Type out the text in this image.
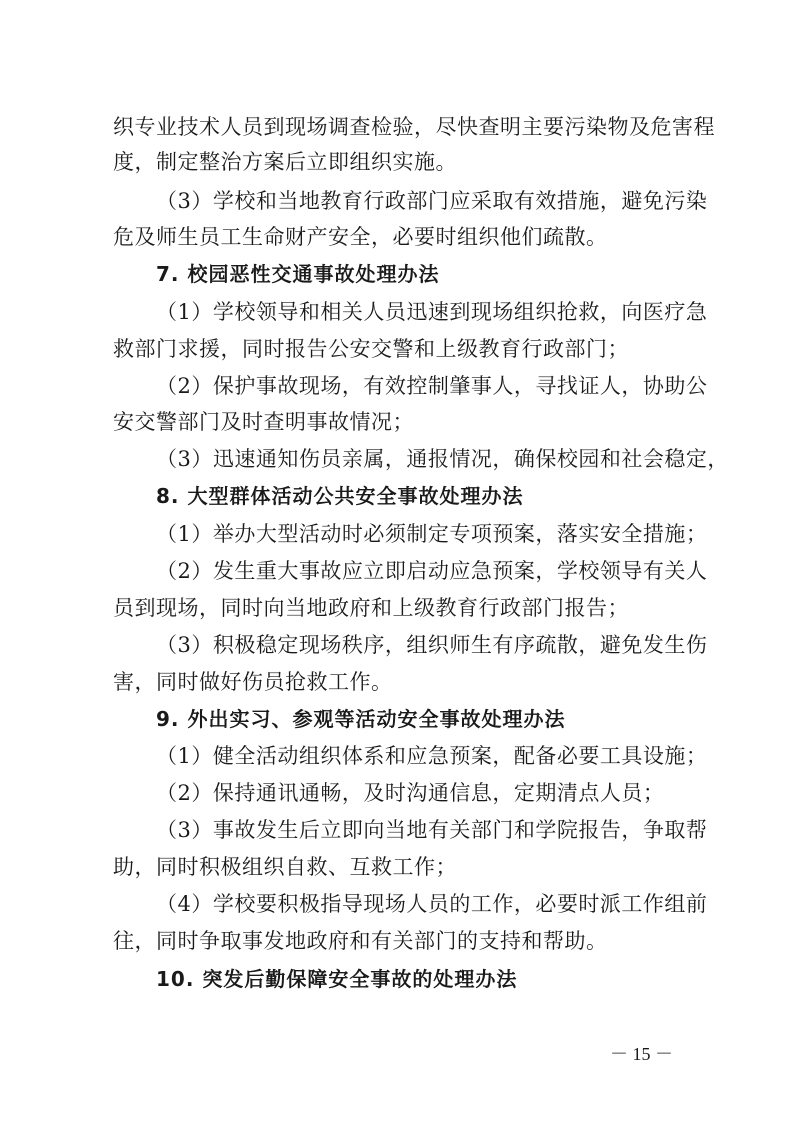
织专业技术人员到现场调查检验，尽快查明主要污染物及危害程
度，制定整治方案后立即组织实施。
（3）学校和当地教育行政部门应采取有效措施，避免污染
危及师生员工生命财产安全，必要时组织他们疏散。
7. 校园恶性交通事故处理办法
（1）学校领导和相关人员迅速到现场组织抢救，向医疗急
救部门求援，同时报告公安交警和上级教育行政部门；
（2）保护事故现场，有效控制肇事人，寻找证人，协助公
安交警部门及时查明事故情况；
（3）迅速通知伤员亲属，通报情况，确保校园和社会稳定，
8. 大型群体活动公共安全事故处理办法
（1）举办大型活动时必须制定专项预案，落实安全措施；
（2）发生重大事故应立即启动应急预案，学校领导有关人
员到现场，同时向当地政府和上级教育行政部门报告；
（3）积极稳定现场秩序，组织师生有序疏散，避免发生伤
害，同时做好伤员抢救工作。
9. 外出实习、参观等活动安全事故处理办法
（1）健全活动组织体系和应急预案，配备必要工具设施；
（2）保持通讯通畅，及时沟通信息，定期清点人员；
（3）事故发生后立即向当地有关部门和学院报告，争取帮
助，同时积极组织自救、互救工作；
（4）学校要积极指导现场人员的工作，必要时派工作组前
往，同时争取事发地政府和有关部门的支持和帮助。
10. 突发后勤保障安全事故的处理办法
－ 15 －
